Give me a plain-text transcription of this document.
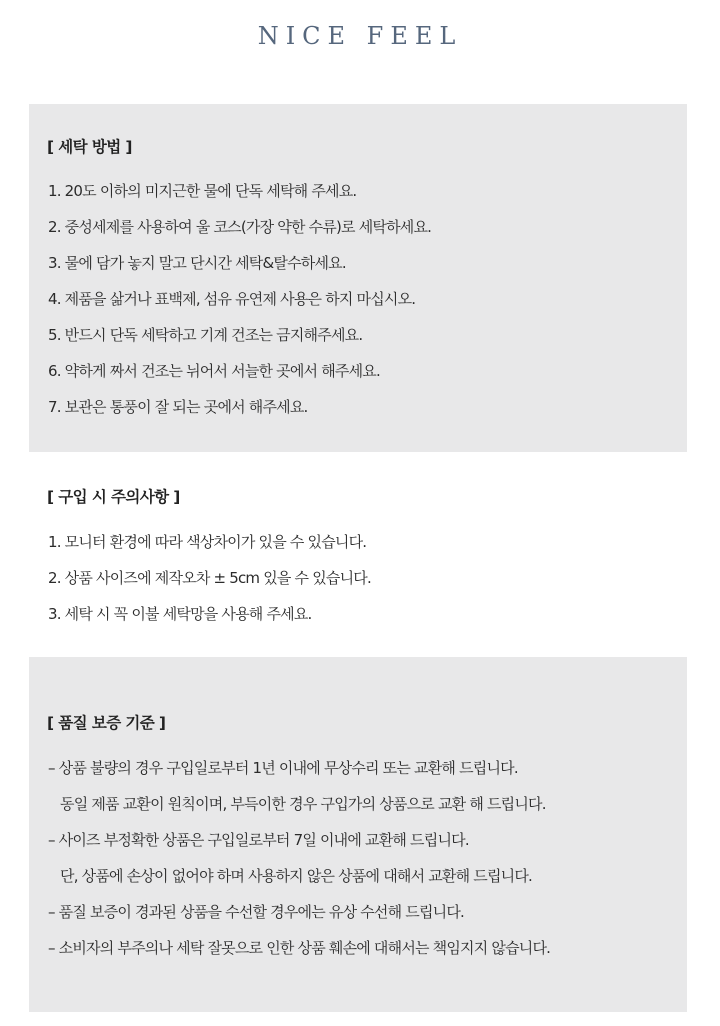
NICE FEEL
[ 세탁 방법 ]
1. 20도 이하의 미지근한 물에 단독 세탁해 주세요.
2. 중성세제를 사용하여 울 코스(가장 약한 수류)로 세탁하세요.
3. 물에 담가 놓지 말고 단시간 세탁&탈수하세요.
4. 제품을 삶거나 표백제, 섬유 유연제 사용은 하지 마십시오.
5. 반드시 단독 세탁하고 기계 건조는 금지해주세요.
6. 약하게 짜서 건조는 뉘어서 서늘한 곳에서 해주세요.
7. 보관은 통풍이 잘 되는 곳에서 해주세요.
[ 구입 시 주의사항 ]
1. 모니터 환경에 따라 색상차이가 있을 수 있습니다.
2. 상품 사이즈에 제작오차 ± 5cm 있을 수 있습니다.
3. 세탁 시 꼭 이불 세탁망을 사용해 주세요.
[ 품질 보증 기준 ]
– 상품 불량의 경우 구입일로부터 1년 이내에 무상수리 또는 교환해 드립니다.
동일 제품 교환이 원칙이며, 부득이한 경우 구입가의 상품으로 교환 해 드립니다.
– 사이즈 부정확한 상품은 구입일로부터 7일 이내에 교환해 드립니다.
단, 상품에 손상이 없어야 하며 사용하지 않은 상품에 대해서 교환해 드립니다.
– 품질 보증이 경과된 상품을 수선할 경우에는 유상 수선해 드립니다.
– 소비자의 부주의나 세탁 잘못으로 인한 상품 훼손에 대해서는 책임지지 않습니다.
